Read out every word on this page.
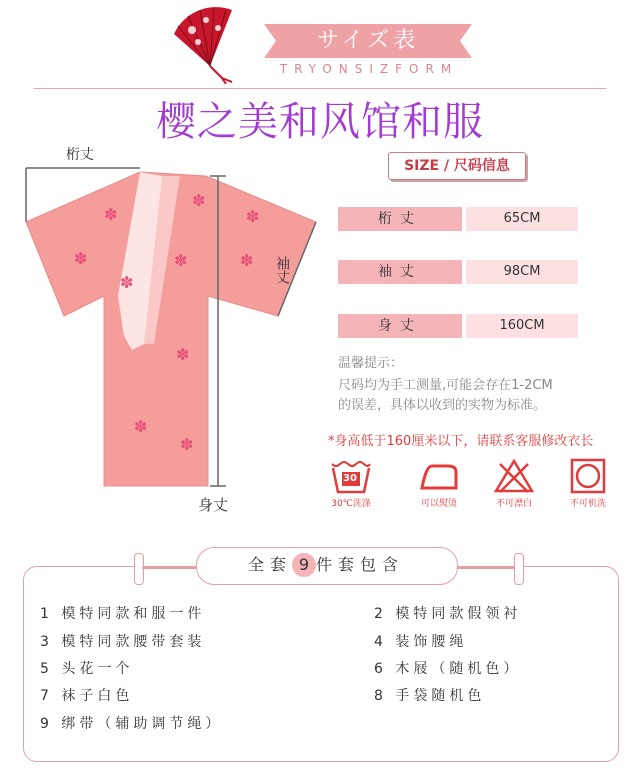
サイズ表
TRYONSIZFORM
樱之美和风馆和服
✽
✽
✽
✽	✽	✽
✽
✽
✽
✽
桁丈
袖丈
身丈
SIZE / 尺码信息
桁丈	65CM
袖丈	98CM
身丈	160CM
温馨提示：
尺码均为手工测量,可能会存在1-2CM
的误差，具体以收到的实物为标准。
*身高低于160厘米以下，请联系客服修改衣长
30
30℃洗涤	可以熨烫	不可漂白	不可机洗
全套 9 件套包含
1 模特同款和服一件	2 模特同款假领衬
3 模特同款腰带套装	4 装饰腰绳
5 头花一个	6 木屐（随机色）
7 袜子白色	8 手袋随机色
9 绑带（辅助调节绳）
